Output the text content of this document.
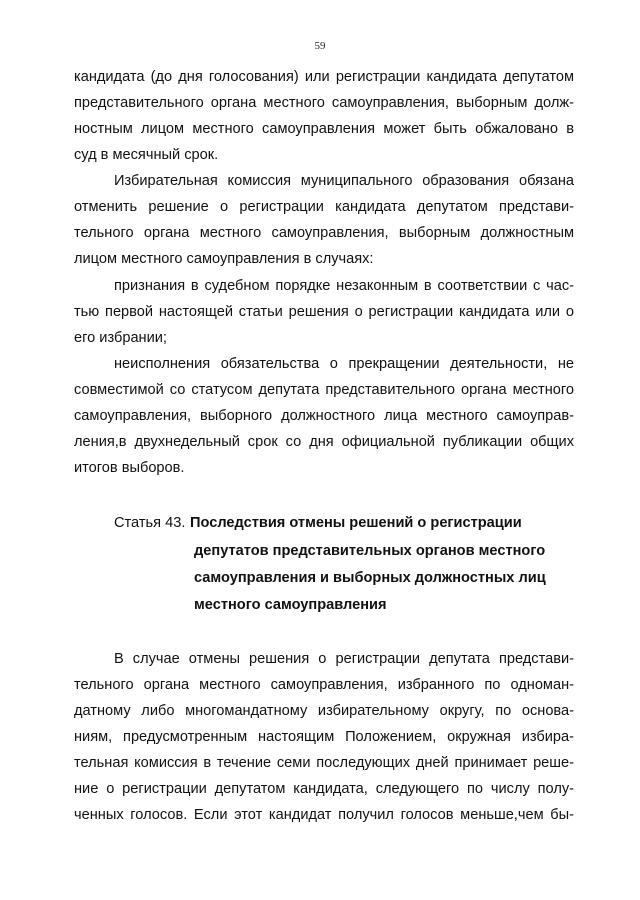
59
кандидата (до дня голосования) или регистрации кандидата депутатом
представительного органа местного самоуправления, выборным долж-
ностным лицом местного самоуправления может быть обжаловано в
суд в месячный срок.
Избирательная комиссия муниципального образования обязана
отменить решение о регистрации кандидата депутатом представи-
тельного органа местного самоуправления, выборным должностным
лицом местного самоуправления в случаях:
признания в судебном порядке незаконным в соответствии с час-
тью первой настоящей статьи решения о регистрации кандидата или о
его избрании;
неисполнения обязательства о прекращении деятельности, не
совместимой со статусом депутата представительного органа местного
самоуправления, выборного должностного лица местного самоуправ-
ления,в двухнедельный срок со дня официальной публикации общих
итогов выборов.
Статья 43. Последствия отмены решений о регистрации
депутатов представительных органов местного
самоуправления и выборных должностных лиц
местного самоуправления
В случае отмены решения о регистрации депутата представи-
тельного органа местного самоуправления, избранного по одноман-
датному либо многомандатному избирательному округу, по основа-
ниям, предусмотренным настоящим Положением, окружная избира-
тельная комиссия в течение семи последующих дней принимает реше-
ние о регистрации депутатом кандидата, следующего по числу полу-
ченных голосов. Если этот кандидат получил голосов меньше,чем бы-
